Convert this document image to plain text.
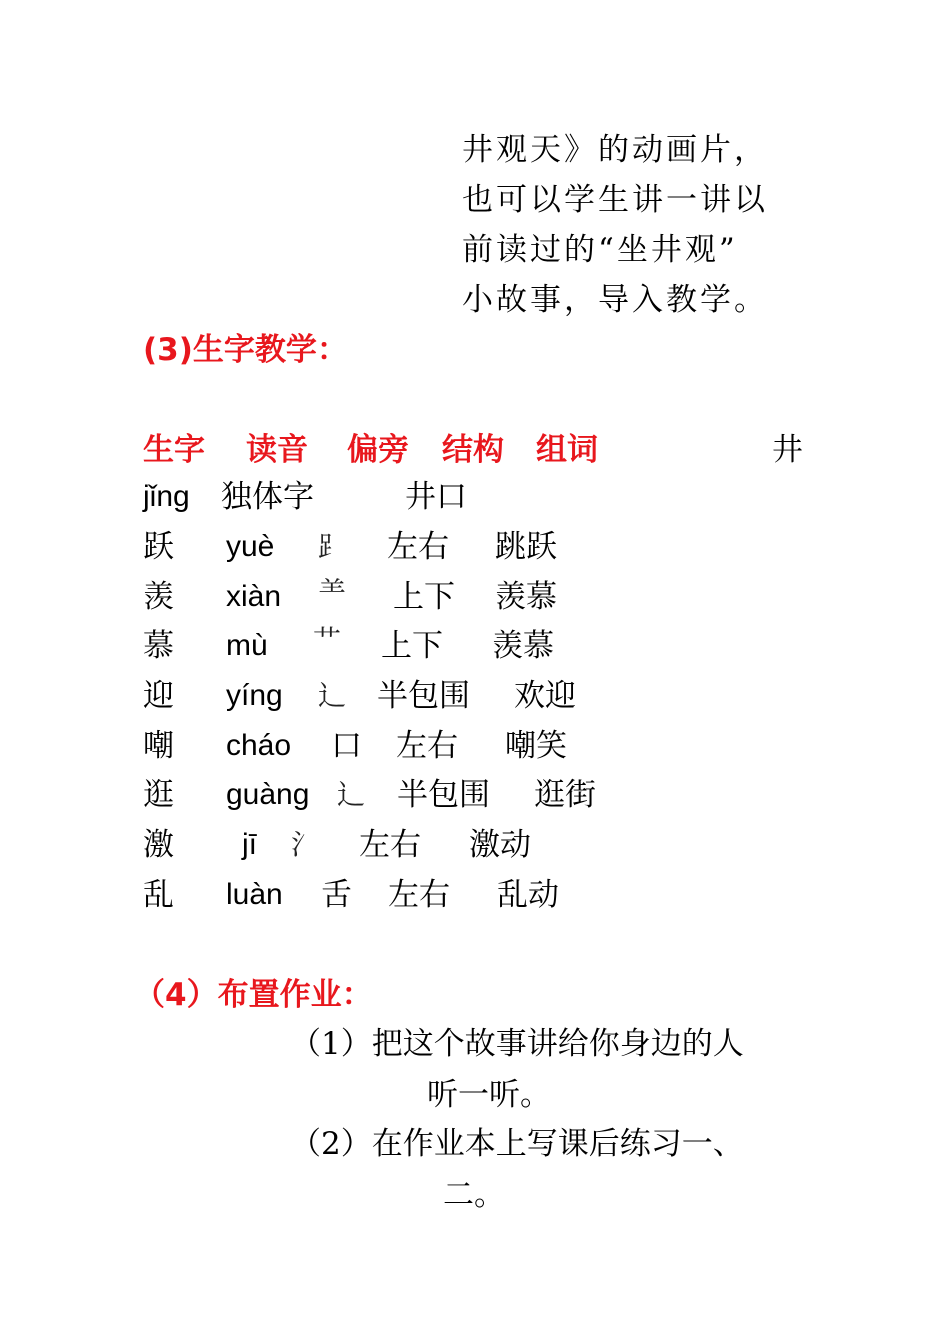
井观天》的动画片，
也可以学生讲一讲以
前读过的“坐井观”
小故事，导入教学。
(3)生字教学：
生字 读音 偏旁 结构 组词	井
jǐng 独体字	井口
跃 yuè ⻊ 左右 跳跃
羡 xiàn ⺷ 上下 羡慕
慕 mù 艹 上下 羡慕
迎 yíng ⻌ 半包围 欢迎
嘲 cháo 口 左右 嘲笑
逛 guàng ⻌ 半包围 逛街
激 jī 氵 左右 激动
乱 luàn 舌 左右 乱动
（4）布置作业：
（1）把这个故事讲给你身边的人
听一听。
（2）在作业本上写课后练习一、
二。
